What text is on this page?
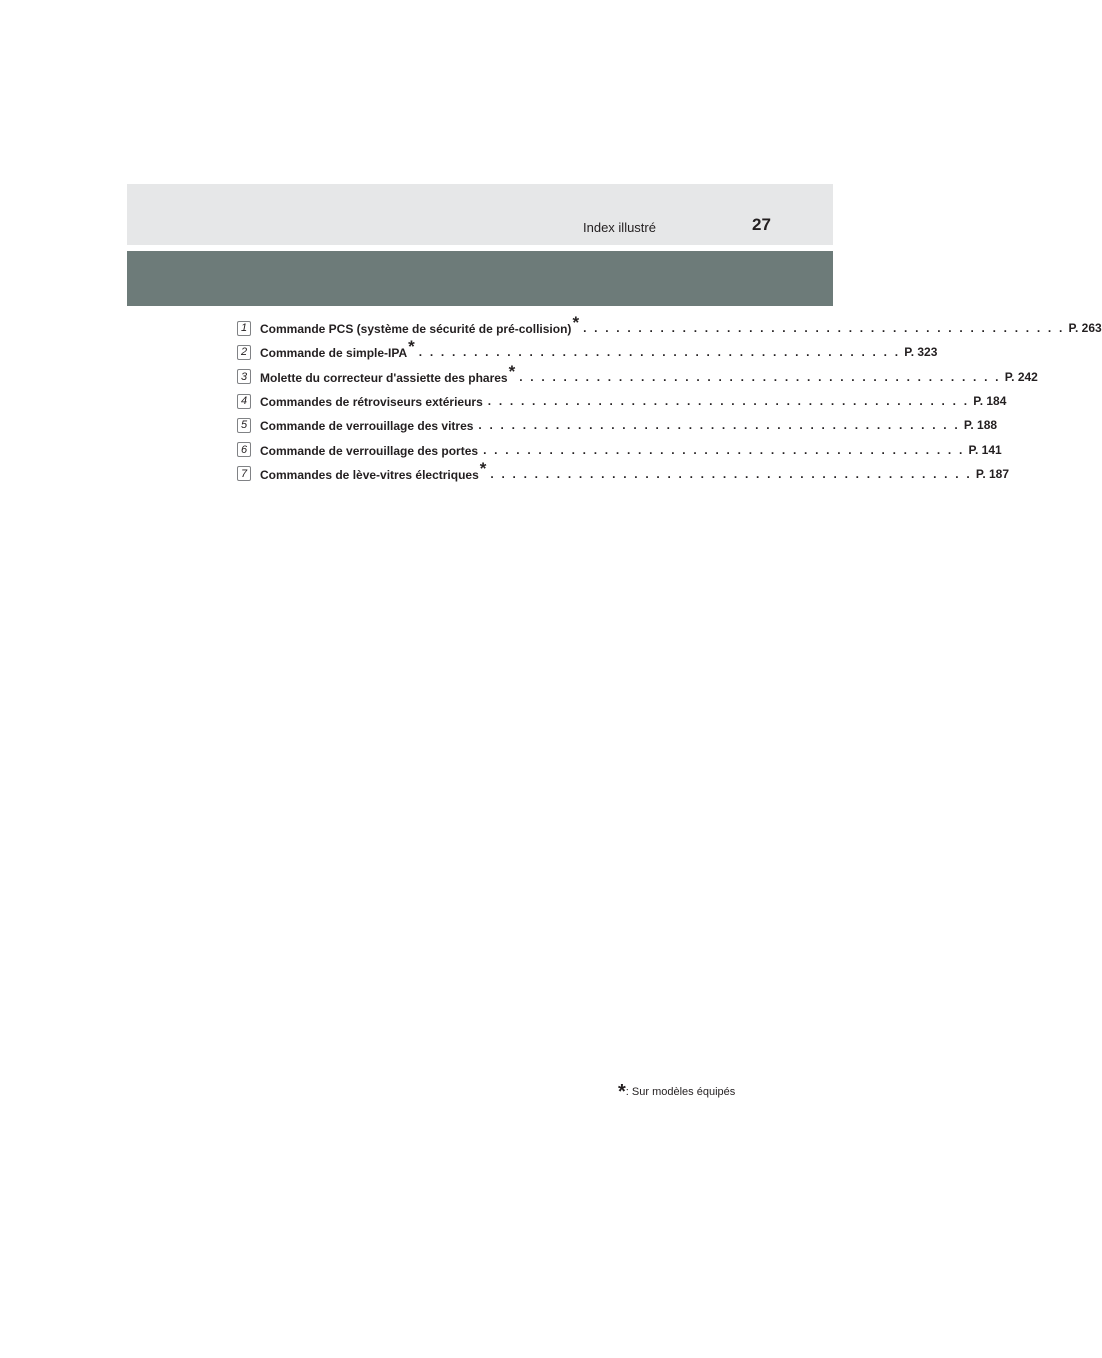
Index illustré	27
1	Commande PCS (système de sécurité de pré-collision)* . . . . . . . . . . . . . . . . . . . . . . . . . . . . . . . . . . . . . . . . . . . . P. 263
2	Commande de simple-IPA* . . . . . . . . . . . . . . . . . . . . . . . . . . . . . . . . . . . . . . . . . . . . P. 323
3	Molette du correcteur d'assiette des phares* . . . . . . . . . . . . . . . . . . . . . . . . . . . . . . . . . . . . . . . . . . . . P. 242
4	Commandes de rétroviseurs extérieurs . . . . . . . . . . . . . . . . . . . . . . . . . . . . . . . . . . . . . . . . . . . . P. 184
5	Commande de verrouillage des vitres . . . . . . . . . . . . . . . . . . . . . . . . . . . . . . . . . . . . . . . . . . . . P. 188
6	Commande de verrouillage des portes . . . . . . . . . . . . . . . . . . . . . . . . . . . . . . . . . . . . . . . . . . . . P. 141
7	Commandes de lève-vitres électriques* . . . . . . . . . . . . . . . . . . . . . . . . . . . . . . . . . . . . . . . . . . . . P. 187
*: Sur modèles équipés
